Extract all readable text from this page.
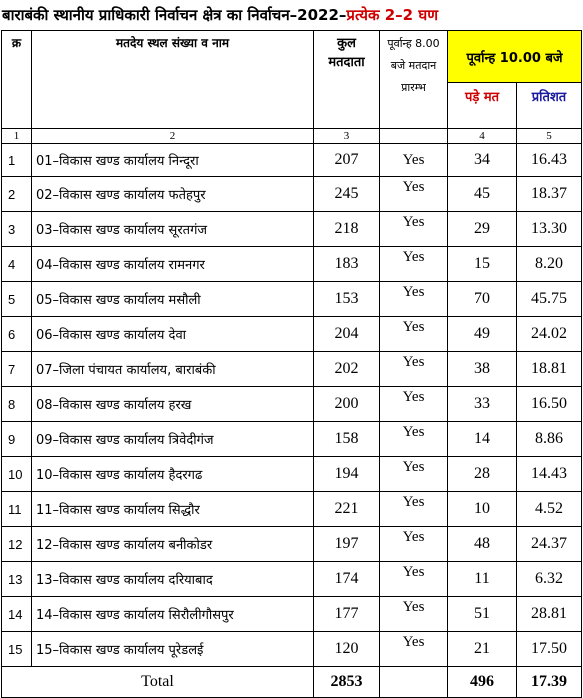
बाराबंकी स्थानीय प्राधिकारी निर्वाचन क्षेत्र का निर्वाचन–2022–प्रत्येक 2–2 घण
क्र	मतदेय स्थल संख्या व नाम	कुल
मतदाता	पूर्वान्ह 8.00 बजे मतदान प्रारम्भ	पूर्वान्ह 10.00 बजे	
				पड़े मत	प्रतिशत
1	2	3		4	5
1	01–विकास खण्ड कार्यालय निन्दूरा	207	Yes	34	16.43
2	02–विकास खण्ड कार्यालय फतेहपुर	245	Yes	45	18.37
3	03–विकास खण्ड कार्यालय सूरतगंज	218	Yes	29	13.30
4	04–विकास खण्ड कार्यालय रामनगर	183	Yes	15	8.20
5	05–विकास खण्ड कार्यालय मसौली	153	Yes	70	45.75
6	06–विकास खण्ड कार्यालय देवा	204	Yes	49	24.02
7	07–जिला पंचायत कार्यालय, बाराबंकी	202	Yes	38	18.81
8	08–विकास खण्ड कार्यालय हरख	200	Yes	33	16.50
9	09–विकास खण्ड कार्यालय त्रिवेदीगंज	158	Yes	14	8.86
10	10–विकास खण्ड कार्यालय हैदरगढ	194	Yes	28	14.43
11	11–विकास खण्ड कार्यालय सिद्धौर	221	Yes	10	4.52
12	12–विकास खण्ड कार्यालय बनीकोडर	197	Yes	48	24.37
13	13–विकास खण्ड कार्यालय दरियाबाद	174	Yes	11	6.32
14	14–विकास खण्ड कार्यालय सिरौलीगौसपुर	177	Yes	51	28.81
15	15–विकास खण्ड कार्यालय पूरेडलई	120	Yes	21	17.50
Total		2853		496	17.39
